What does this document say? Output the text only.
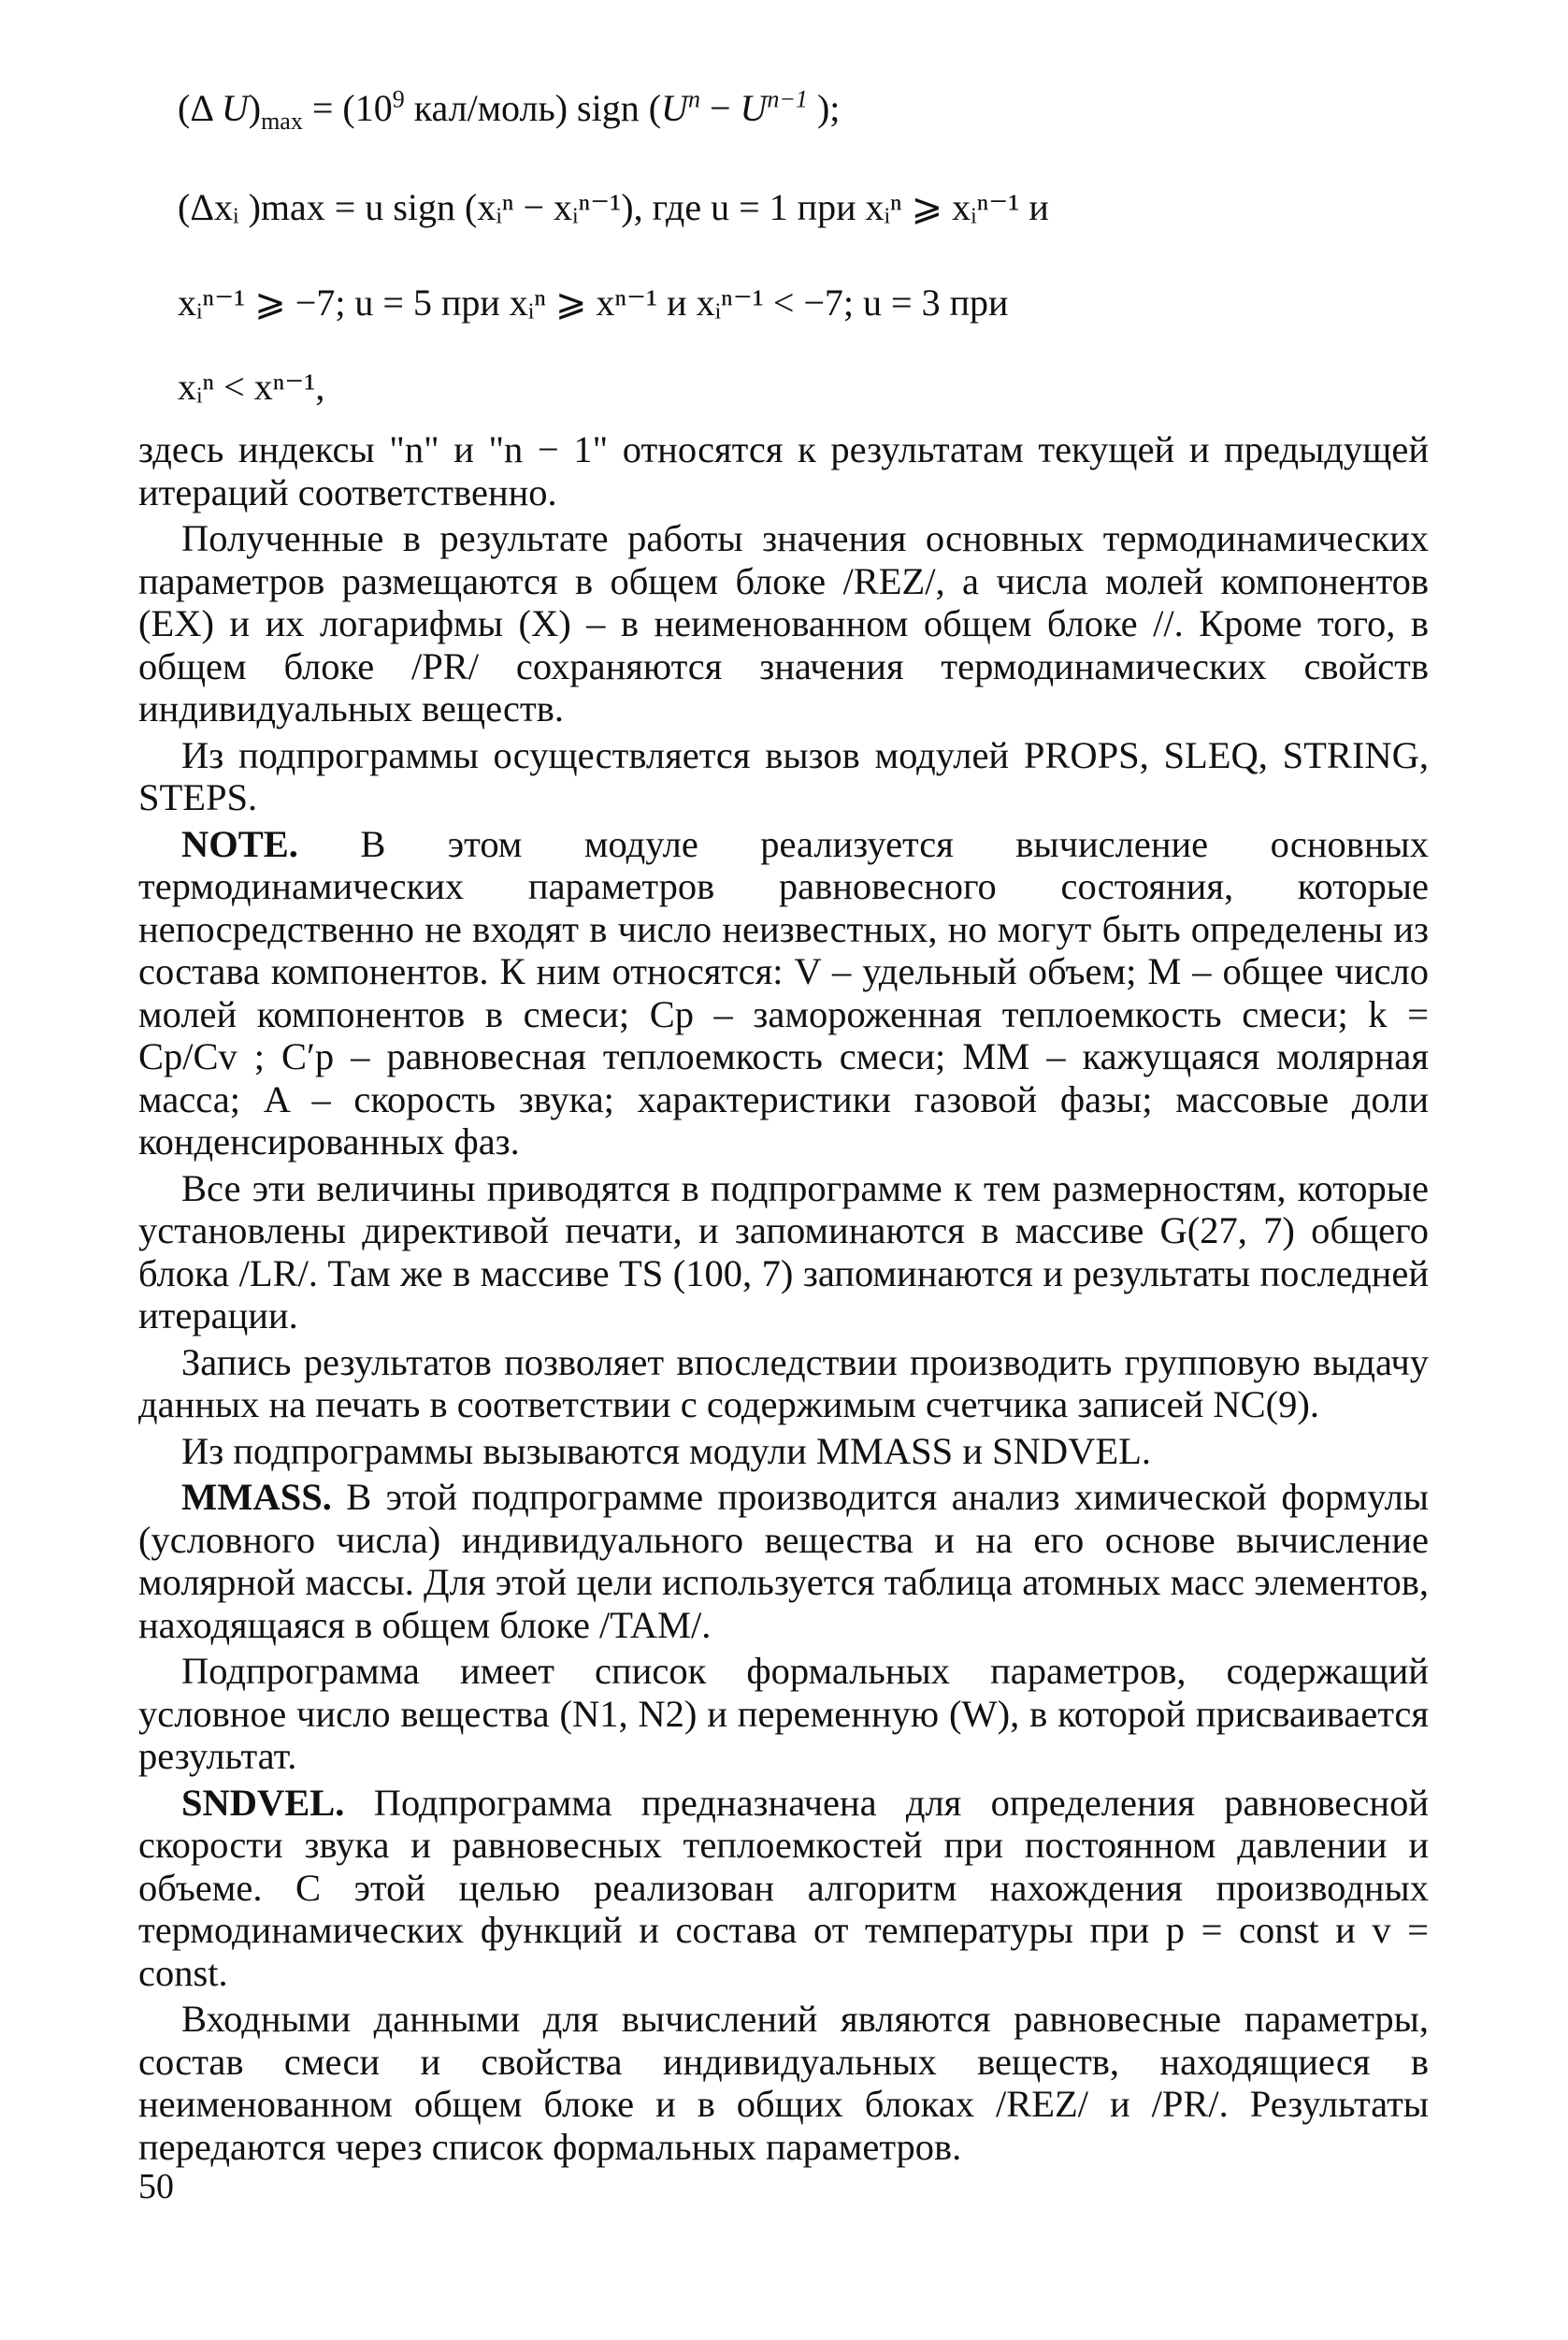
(Δ $U)_{max} = (10^9$ кал/моль) sign ($U^n - U^{n-1}$ );
(Δxᵢ )max = u sign (xᵢⁿ − xᵢⁿ⁻¹), где u = 1 при xᵢⁿ ⩾ xᵢⁿ⁻¹ и
xᵢⁿ⁻¹ ⩾ −7; u = 5 при xᵢⁿ ⩾ xⁿ⁻¹ и xᵢⁿ⁻¹ < −7; u = 3 при
xᵢⁿ < xⁿ⁻¹,

здесь индексы "n" и "n − 1" относятся к результатам текущей и предыдущей итераций соответственно.

Полученные в результате работы значения основных термодинамических параметров размещаются в общем блоке /REZ/, а числа молей компонентов (EX) и их логарифмы (X) – в неименованном общем блоке //. Кроме того, в общем блоке /PR/ сохраняются значения термодинамических свойств индивидуальных веществ.

Из подпрограммы осуществляется вызов модулей PROPS, SLEQ, STRING, STEPS.

NOTE. В этом модуле реализуется вычисление основных термодинамических параметров равновесного состояния, которые непосредственно не входят в число неизвестных, но могут быть определены из состава компонентов. К ним относятся: V – удельный объем; M – общее число молей компонентов в смеси; Cp – замороженная теплоемкость смеси; k = Cp/Cv ; C′p – равновесная теплоемкость смеси; MM – кажущаяся молярная масса; A – скорость звука; характеристики газовой фазы; массовые доли конденсированных фаз.

Все эти величины приводятся в подпрограмме к тем размерностям, которые установлены директивой печати, и запоминаются в массиве G(27, 7) общего блока /LR/. Там же в массиве TS (100, 7) запоминаются и результаты последней итерации.

Запись результатов позволяет впоследствии производить групповую выдачу данных на печать в соответствии с содержимым счетчика записей NC(9).

Из подпрограммы вызываются модули MMASS и SNDVEL.

MMASS. В этой подпрограмме производится анализ химической формулы (условного числа) индивидуального вещества и на его основе вычисление молярной массы. Для этой цели используется таблица атомных масс элементов, находящаяся в общем блоке /TAM/.

Подпрограмма имеет список формальных параметров, содержащий условное число вещества (N1, N2) и переменную (W), в которой присваивается результат.

SNDVEL. Подпрограмма предназначена для определения равновесной скорости звука и равновесных теплоемкостей при постоянном давлении и объеме. С этой целью реализован алгоритм нахождения производных термодинамических функций и состава от температуры при p = const и v = const.

Входными данными для вычислений являются равновесные параметры, состав смеси и свойства индивидуальных веществ, находящиеся в неименованном общем блоке и в общих блоках /REZ/ и /PR/. Результаты передаются через список формальных параметров.

50
